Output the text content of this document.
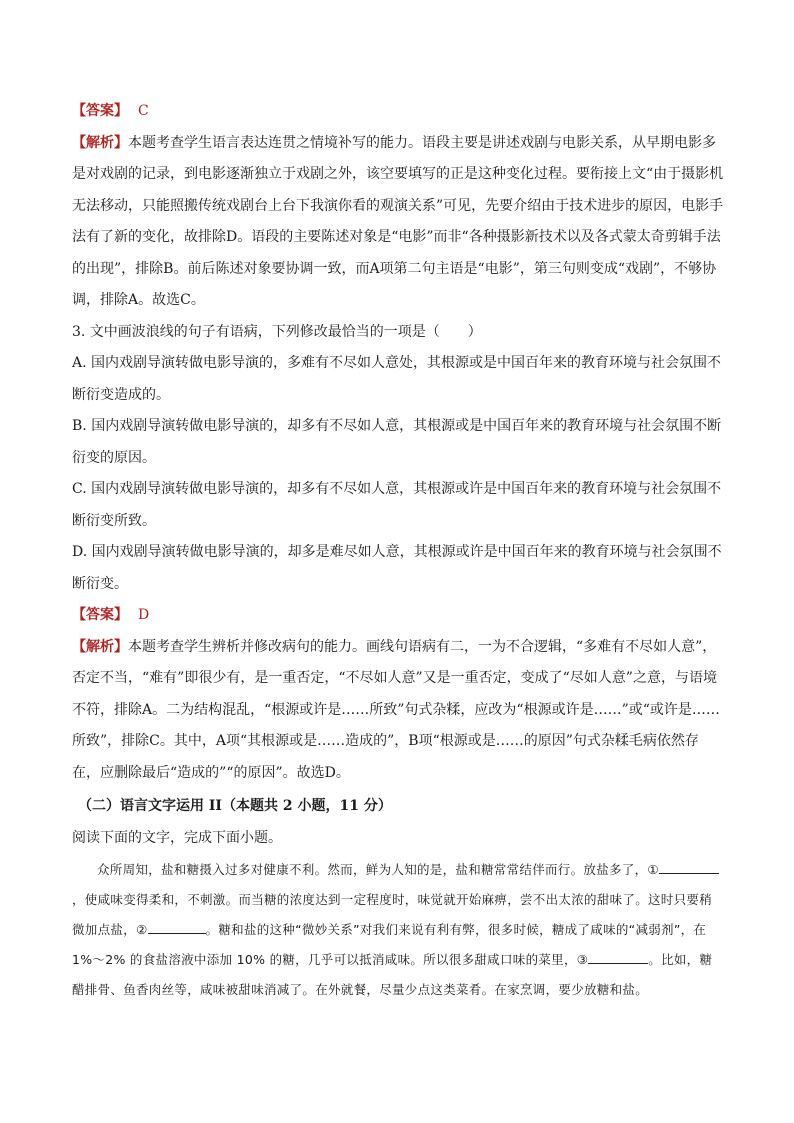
【答案】 C

【解析】本题考查学生语言表达连贯之情境补写的能力。语段主要是讲述戏剧与电影关系，从早期电影多是对戏剧的记录，到电影逐渐独立于戏剧之外，该空要填写的正是这种变化过程。要衔接上文“由于摄影机无法移动，只能照搬传统戏剧台上台下我演你看的观演关系”可见，先要介绍由于技术进步的原因，电影手法有了新的变化，故排除D。语段的主要陈述对象是“电影”而非“各种摄影新技术以及各式蒙太奇剪辑手法的出现”，排除B。前后陈述对象要协调一致，而A项第二句主语是“电影”，第三句则变成“戏剧”，不够协调，排除A。故选C。

3. 文中画波浪线的句子有语病，下列修改最恰当的一项是（　　）

A. 国内戏剧导演转做电影导演的，多难有不尽如人意处，其根源或是中国百年来的教育环境与社会氛围不断衍变造成的。

B. 国内戏剧导演转做电影导演的，却多有不尽如人意，其根源或是中国百年来的教育环境与社会氛围不断衍变的原因。

C. 国内戏剧导演转做电影导演的，却多有不尽如人意，其根源或许是中国百年来的教育环境与社会氛围不断衍变所致。

D. 国内戏剧导演转做电影导演的，却多是难尽如人意，其根源或许是中国百年来的教育环境与社会氛围不断衍变。

【答案】 D

【解析】本题考查学生辨析并修改病句的能力。画线句语病有二，一为不合逻辑，“多难有不尽如人意”，否定不当，“难有”即很少有，是一重否定，“不尽如人意”又是一重否定，变成了“尽如人意”之意，与语境不符，排除A。二为结构混乱，“根源或许是……所致”句式杂糅，应改为“根源或许是……”或“或许是……所致”，排除C。其中，A项“其根源或是……造成的”，B项“根源或是……的原因”句式杂糅毛病依然存在，应删除最后“造成的”“的原因”。故选D。

（二）语言文字运用 II（本题共 2 小题，11 分）

阅读下面的文字，完成下面小题。

众所周知，盐和糖摄入过多对健康不利。然而，鲜为人知的是，盐和糖常常结伴而行。放盐多了，①，使咸味变得柔和，不刺激。而当糖的浓度达到一定程度时，味觉就开始麻痹，尝不出太浓的甜味了。这时只要稍微加点盐，②	。糖和盐的这种“微妙关系”对我们来说有利有弊，很多时候，糖成了咸味的“减弱剂”，在 1%～2% 的食盐溶液中添加 10% 的糖，几乎可以抵消咸味。所以很多甜咸口味的菜里，③	。比如，糖醋排骨、鱼香肉丝等，咸味被甜味消减了。在外就餐，尽量少点这类菜肴。在家烹调，要少放糖和盐。
